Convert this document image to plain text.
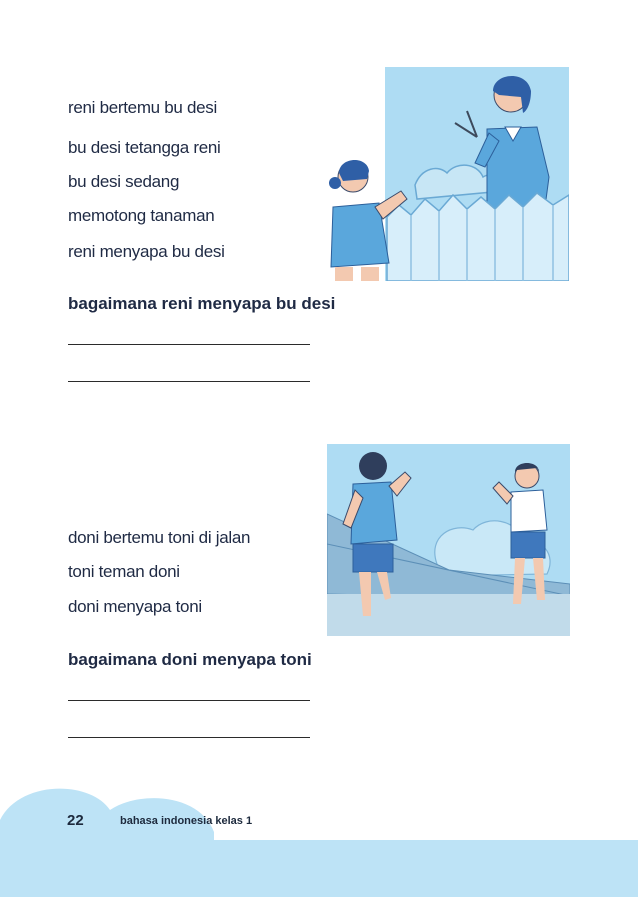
reni bertemu bu desi
bu desi tetangga reni
bu desi sedang
memotong tanaman
reni menyapa bu desi
bagaimana reni menyapa bu desi
doni bertemu toni di jalan
toni teman doni
doni menyapa toni
bagaimana doni menyapa toni
22	bahasa indonesia kelas 1
